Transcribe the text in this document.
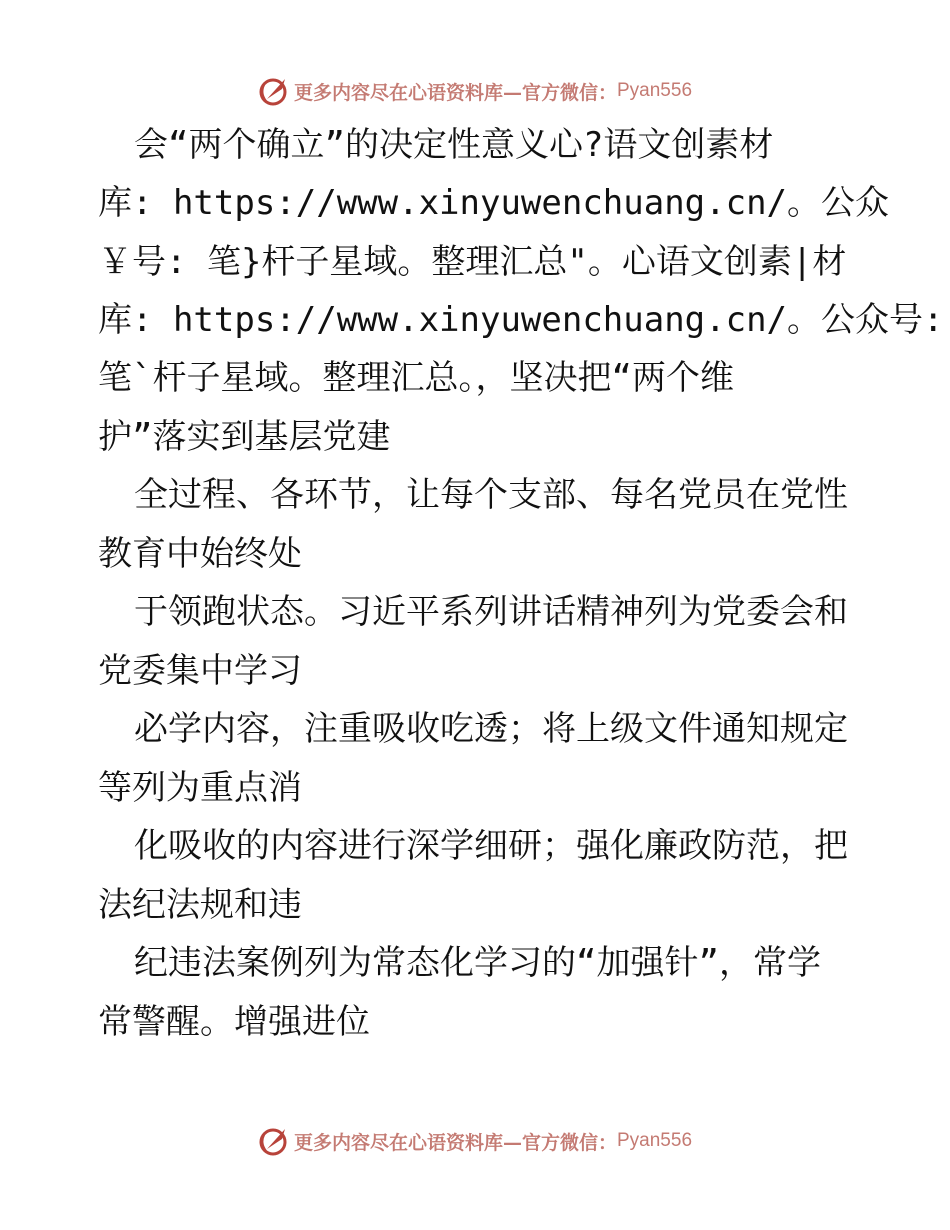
更多内容尽在心语资料库—官方微信： Pyan556
会“两个确立”的决定性意义心?语文创素材
库: https://www.xinyuwenchuang.cn/。公众
￥号: 笔}杆子星域。整理汇总"。心语文创素|材
库: https://www.xinyuwenchuang.cn/。公众号:
笔`杆子星域。整理汇总。，坚决把“两个维
护”落实到基层党建
全过程、各环节，让每个支部、每名党员在党性
教育中始终处
于领跑状态。习近平系列讲话精神列为党委会和
党委集中学习
必学内容，注重吸收吃透；将上级文件通知规定
等列为重点消
化吸收的内容进行深学细研；强化廉政防范，把
法纪法规和违
纪违法案例列为常态化学习的“加强针”，常学
常警醒。增强进位
更多内容尽在心语资料库—官方微信： Pyan556
